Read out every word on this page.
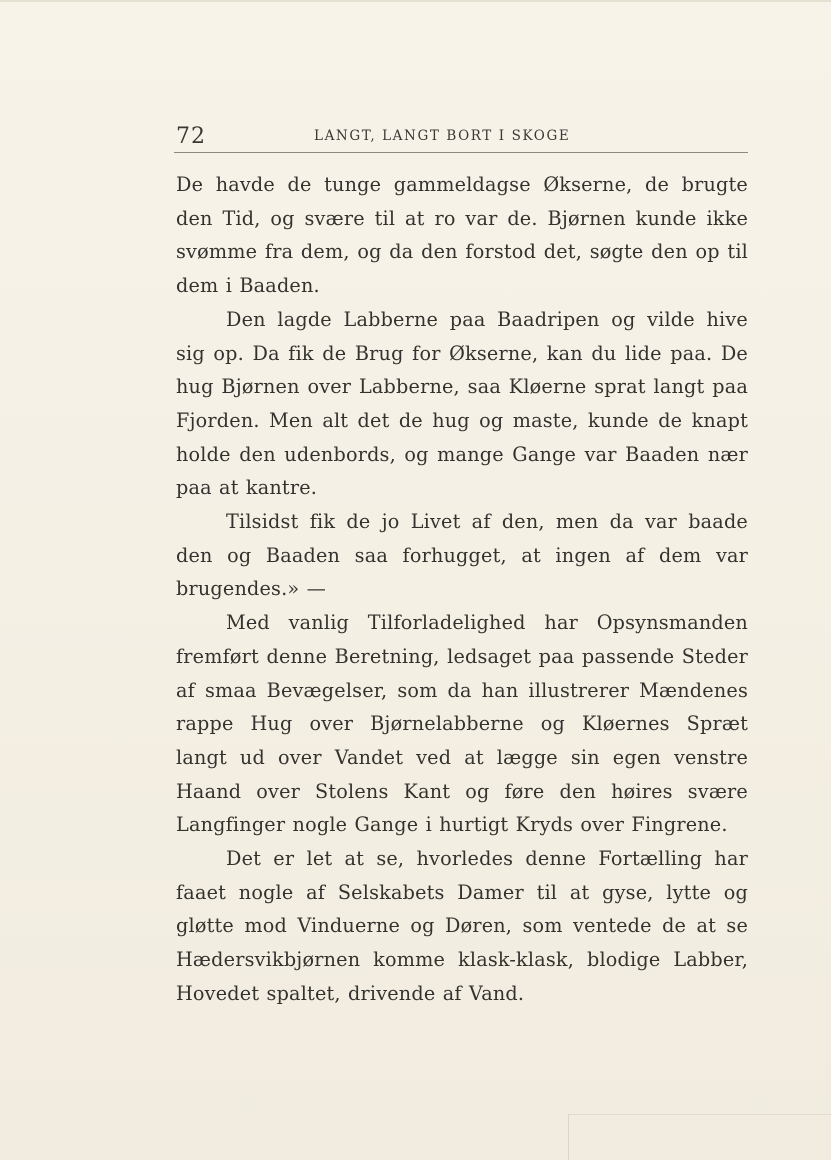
72	LANGT, LANGT BORT I SKOGE

De havde de tunge gammeldagse Økserne, de brugte den Tid, og svære til at ro var de. Bjørnen kunde ikke svømme fra dem, og da den forstod det, søgte den op til dem i Baaden.

Den lagde Labberne paa Baadripen og vilde hive sig op. Da fik de Brug for Økserne, kan du lide paa. De hug Bjørnen over Labberne, saa Kløerne sprat langt paa Fjorden. Men alt det de hug og maste, kunde de knapt holde den udenbords, og mange Gange var Baaden nær paa at kantre.

Tilsidst fik de jo Livet af den, men da var baade den og Baaden saa forhugget, at ingen af dem var brugendes.» —

Med vanlig Tilforladelighed har Opsynsmanden fremført denne Beretning, ledsaget paa passende Steder af smaa Bevægelser, som da han illustrerer Mændenes rappe Hug over Bjørnelabberne og Kløernes Spræt langt ud over Vandet ved at lægge sin egen venstre Haand over Stolens Kant og føre den høires svære Langfinger nogle Gange i hurtigt Kryds over Fingrene.

Det er let at se, hvorledes denne Fortælling har faaet nogle af Selskabets Damer til at gyse, lytte og gløtte mod Vinduerne og Døren, som ventede de at se Hædersvikbjørnen komme klask-klask, blodige Labber, Hovedet spaltet, drivende af Vand.
